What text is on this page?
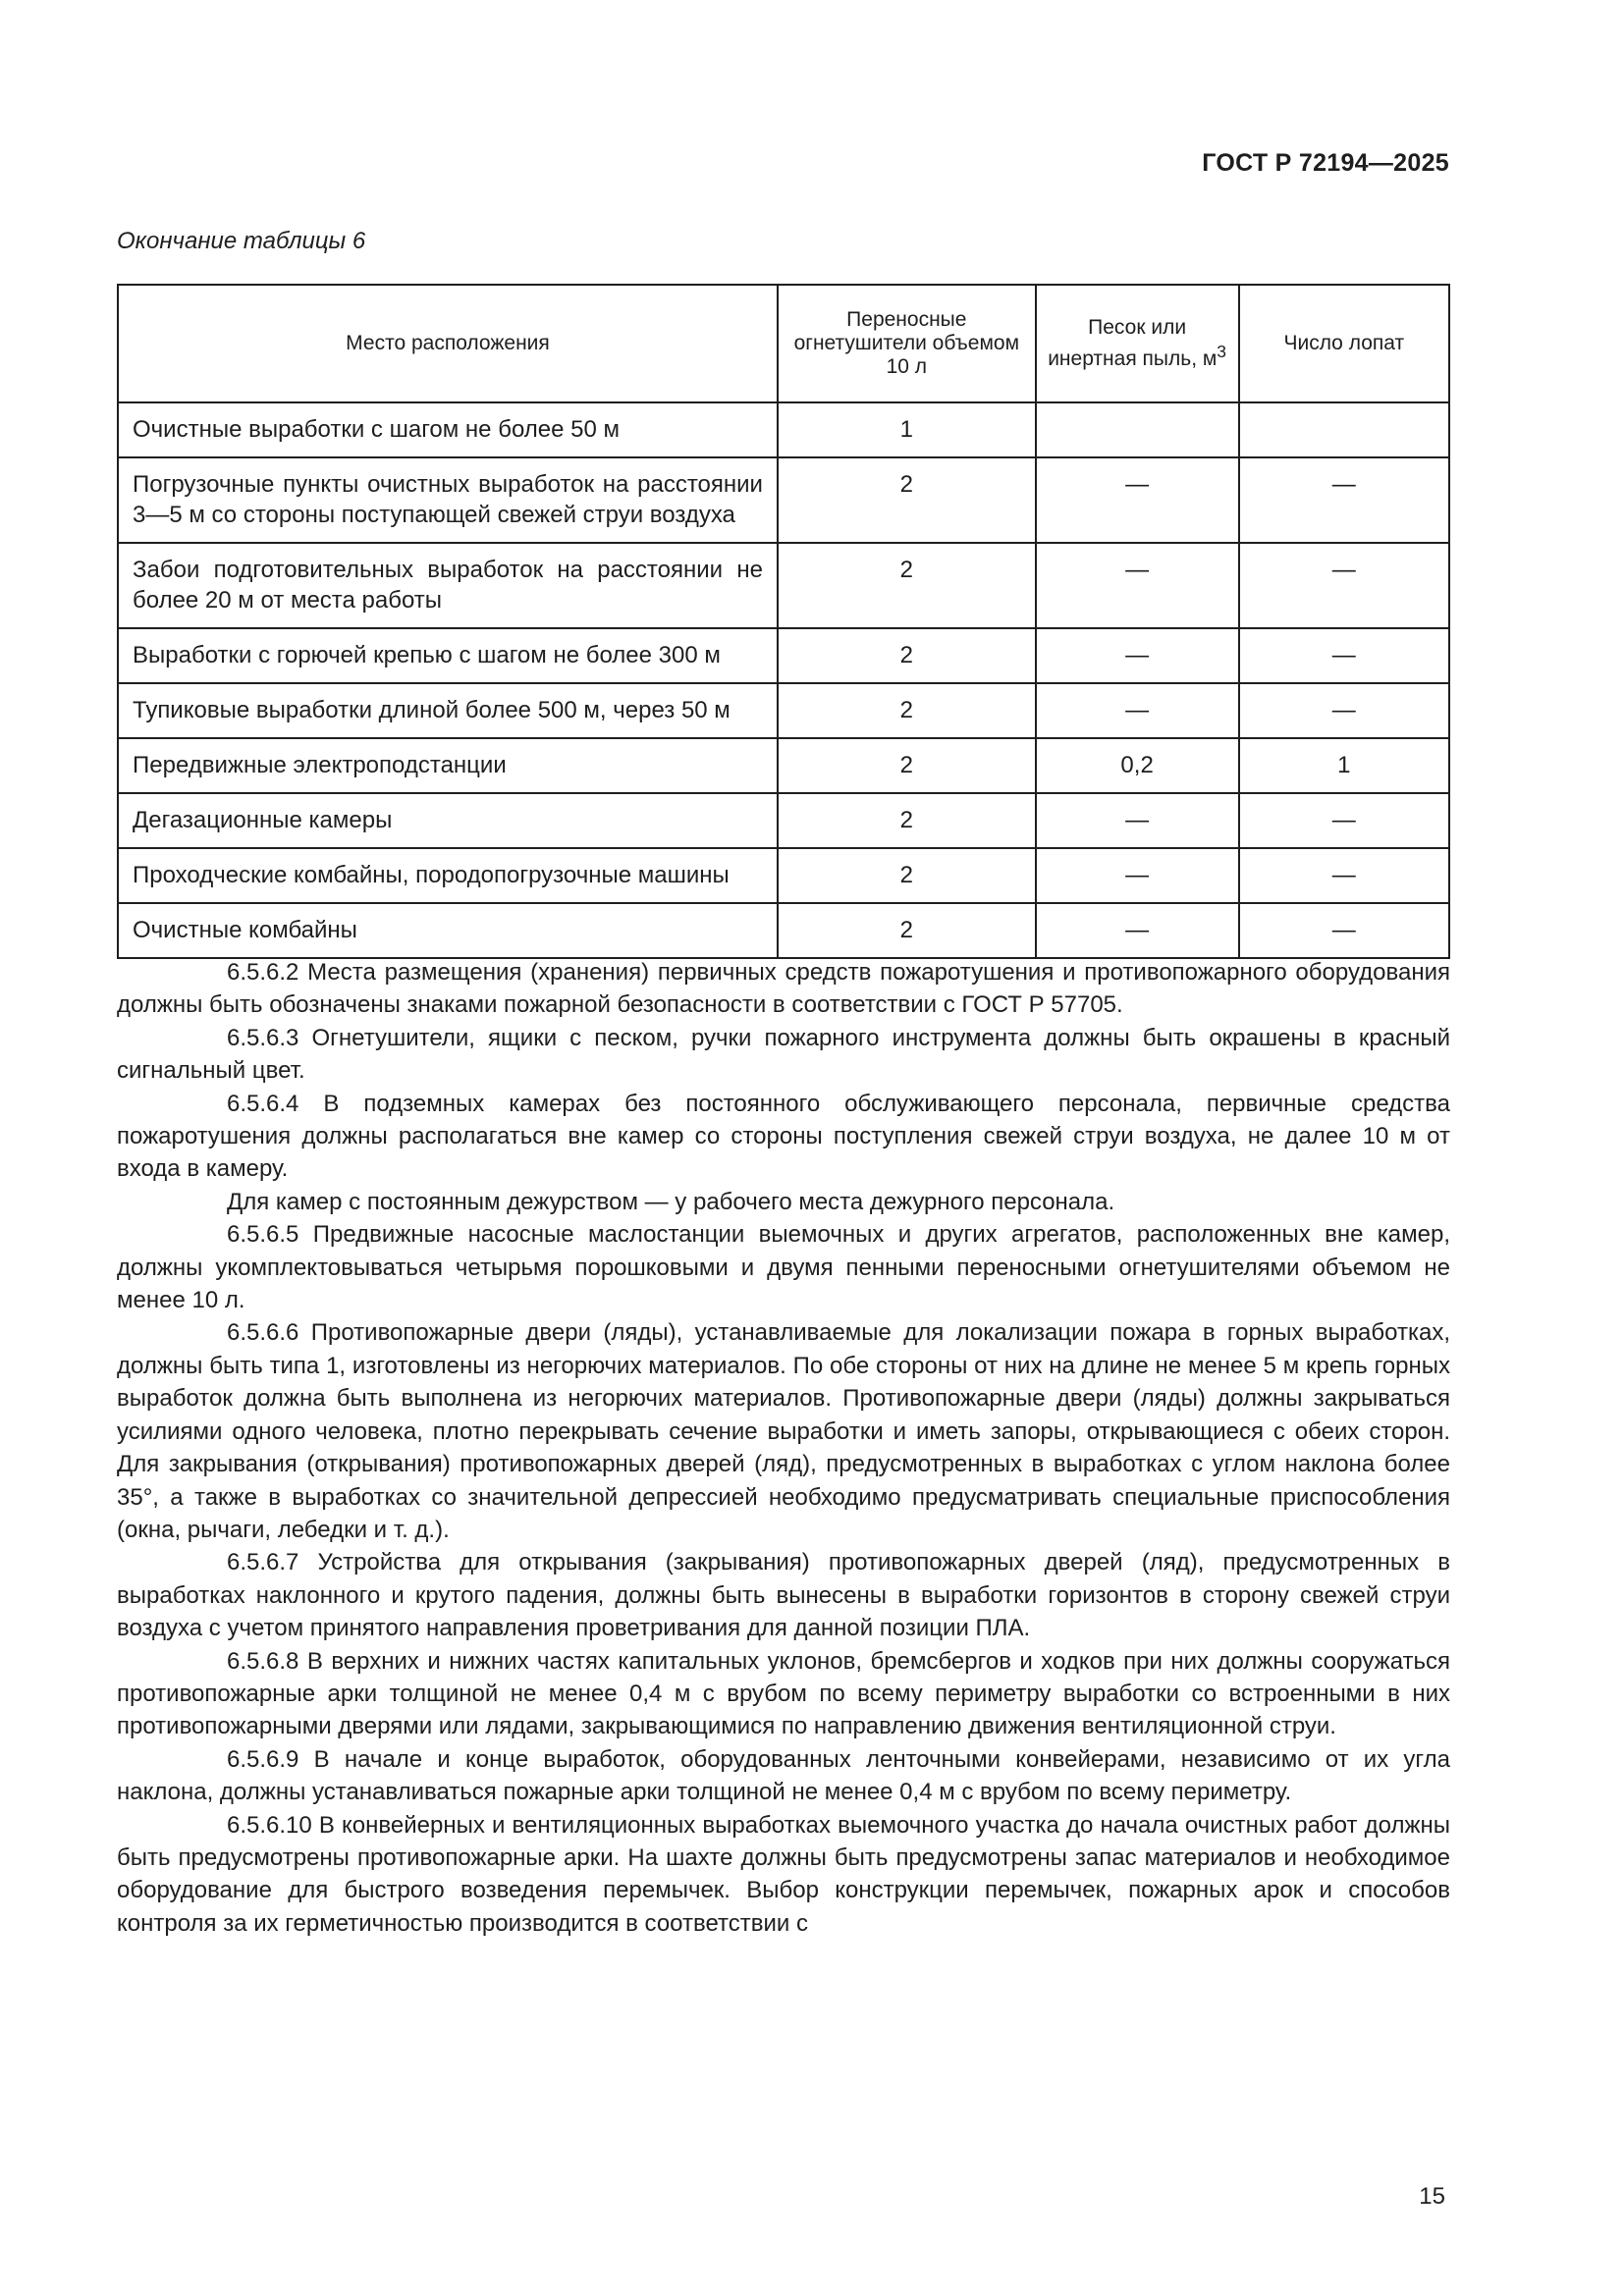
ГОСТ Р 72194—2025
Окончание таблицы 6
Место расположения	Переносные огнетушители объемом 10 л	Песок или инертная пыль, $м^3$	Число лопат
Очистные выработки с шагом не более 50 м	1		
Погрузочные пункты очистных выработок на расстоянии 3—5 м со стороны поступающей свежей струи воздуха	2	—	—
Забои подготовительных выработок на расстоянии не более 20 м от места работы	2	—	—
Выработки с горючей крепью с шагом не более 300 м	2	—	—
Тупиковые выработки длиной более 500 м, через 50 м	2	—	—
Передвижные электроподстанции	2	0,2	1
Дегазационные камеры	2	—	—
Проходческие комбайны, породопогрузочные машины	2	—	—
Очистные комбайны	2	—	—

6.5.6.2 Места размещения (хранения) первичных средств пожаротушения и противопожарного оборудования должны быть обозначены знаками пожарной безопасности в соответствии с ГОСТ Р 57705.

6.5.6.3 Огнетушители, ящики с песком, ручки пожарного инструмента должны быть окрашены в красный сигнальный цвет.

6.5.6.4 В подземных камерах без постоянного обслуживающего персонала, первичные средства пожаротушения должны располагаться вне камер со стороны поступления свежей струи воздуха, не далее 10 м от входа в камеру.

Для камер с постоянным дежурством — у рабочего места дежурного персонала.

6.5.6.5 Предвижные насосные маслостанции выемочных и других агрегатов, расположенных вне камер, должны укомплектовываться четырьмя порошковыми и двумя пенными переносными огнетушителями объемом не менее 10 л.

6.5.6.6 Противопожарные двери (ляды), устанавливаемые для локализации пожара в горных выработках, должны быть типа 1, изготовлены из негорючих материалов. По обе стороны от них на длине не менее 5 м крепь горных выработок должна быть выполнена из негорючих материалов. Противопожарные двери (ляды) должны закрываться усилиями одного человека, плотно перекрывать сечение выработки и иметь запоры, открывающиеся с обеих сторон. Для закрывания (открывания) противопожарных дверей (ляд), предусмотренных в выработках с углом наклона более 35°, а также в выработках со значительной депрессией необходимо предусматривать специальные приспособления (окна, рычаги, лебедки и т. д.).

6.5.6.7 Устройства для открывания (закрывания) противопожарных дверей (ляд), предусмотренных в выработках наклонного и крутого падения, должны быть вынесены в выработки горизонтов в сторону свежей струи воздуха с учетом принятого направления проветривания для данной позиции ПЛА.

6.5.6.8 В верхних и нижних частях капитальных уклонов, бремсбергов и ходков при них должны сооружаться противопожарные арки толщиной не менее 0,4 м с врубом по всему периметру выработки со встроенными в них противопожарными дверями или лядами, закрывающимися по направлению движения вентиляционной струи.

6.5.6.9 В начале и конце выработок, оборудованных ленточными конвейерами, независимо от их угла наклона, должны устанавливаться пожарные арки толщиной не менее 0,4 м с врубом по всему периметру.

6.5.6.10 В конвейерных и вентиляционных выработках выемочного участка до начала очистных работ должны быть предусмотрены противопожарные арки. На шахте должны быть предусмотрены запас материалов и необходимое оборудование для быстрого возведения перемычек. Выбор конструкции перемычек, пожарных арок и способов контроля за их герметичностью производится в соответствии с

15
